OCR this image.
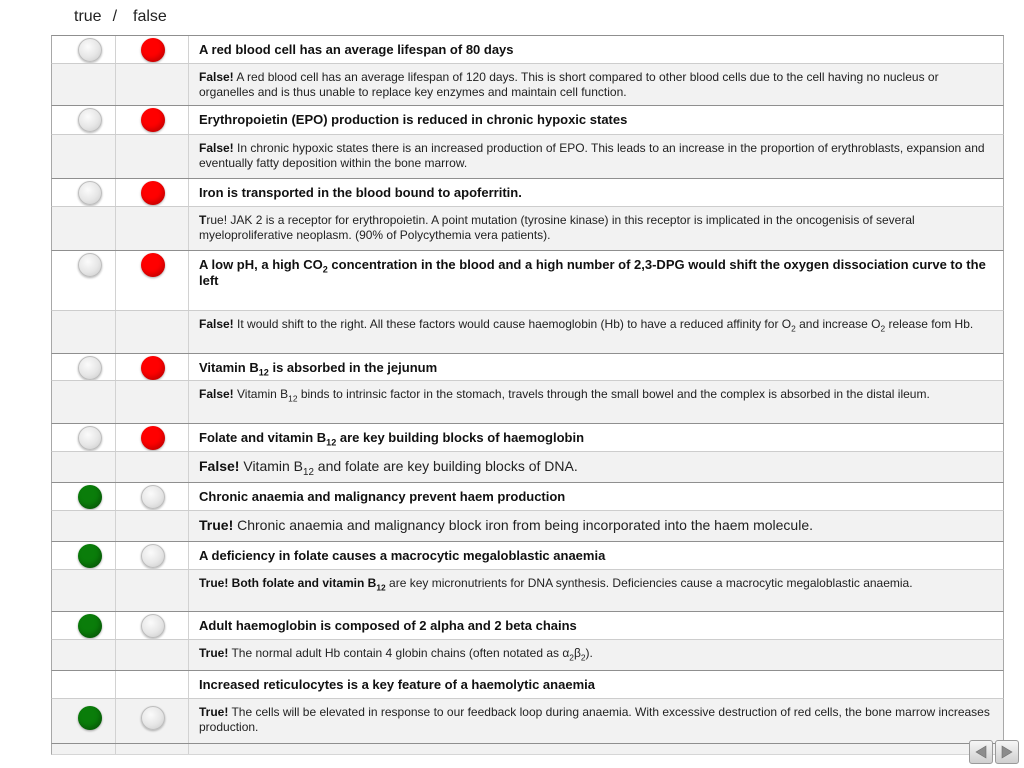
true / false
A red blood cell has an average lifespan of 80 days
False! A red blood cell has an average lifespan of 120 days. This is short compared to other blood cells due to the cell having no nucleus or organelles and is thus unable to replace key enzymes and maintain cell function.
Erythropoietin (EPO) production is reduced in chronic hypoxic states
False! In chronic hypoxic states there is an increased production of EPO. This leads to an increase in the proportion of erythroblasts, expansion and eventually fatty deposition within the bone marrow.
Iron is transported in the blood bound to apoferritin.
True! JAK 2 is a receptor for erythropoietin. A point mutation (tyrosine kinase) in this receptor is implicated in the oncogenisis of several myeloproliferative neoplasm. (90% of Polycythemia vera patients).
A low pH, a high $CO_2$ concentration in the blood and a high number of 2,3-DPG would shift the oxygen dissociation curve to the left
False! It would shift to the right. All these factors would cause haemoglobin (Hb) to have a reduced affinity for $O_2$ and increase $O_2$ release fom Hb.
Vitamin $B_{12}$ is absorbed in the jejunum
False! Vitamin $B_{12}$ binds to intrinsic factor in the stomach, travels through the small bowel and the complex is absorbed in the distal ileum.
Folate and vitamin $B_{12}$ are key building blocks of haemoglobin
False! Vitamin $B_{12}$ and folate are key building blocks of DNA.
Chronic anaemia and malignancy prevent haem production
True! Chronic anaemia and malignancy block iron from being incorporated into the haem molecule.
A deficiency in folate causes a macrocytic megaloblastic anaemia
True! Both folate and vitamin $B_{12}$ are key micronutrients for DNA synthesis. Deficiencies cause a macrocytic megaloblastic anaemia.
Adult haemoglobin is composed of 2 alpha and 2 beta chains
True! The normal adult Hb contain 4 globin chains (often notated as $\alpha_2\beta_2$).
Increased reticulocytes is a key feature of a haemolytic anaemia
True! The cells will be elevated in response to our feedback loop during anaemia. With excessive destruction of red cells, the bone marrow increases production.
